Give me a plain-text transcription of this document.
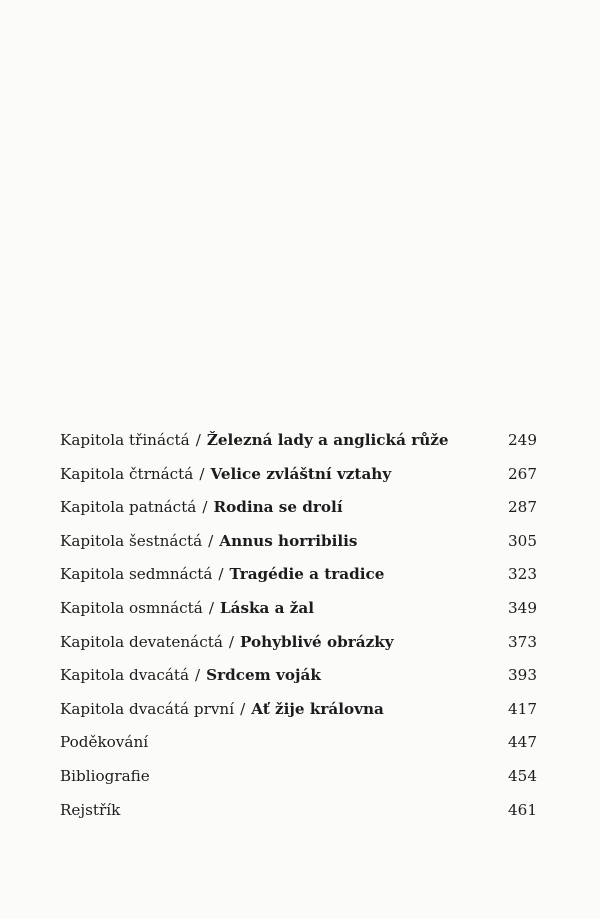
Kapitola třináctá / Železná lady a anglická růže	249
Kapitola čtrnáctá / Velice zvláštní vztahy	267
Kapitola patnáctá / Rodina se drolí	287
Kapitola šestnáctá / Annus horribilis	305
Kapitola sedmnáctá / Tragédie a tradice	323
Kapitola osmnáctá / Láska a žal	349
Kapitola devatenáctá / Pohyblivé obrázky	373
Kapitola dvacátá / Srdcem voják	393
Kapitola dvacátá první / Ať žije královna	417
Poděkování	447
Bibliografie	454
Rejstřík	461
